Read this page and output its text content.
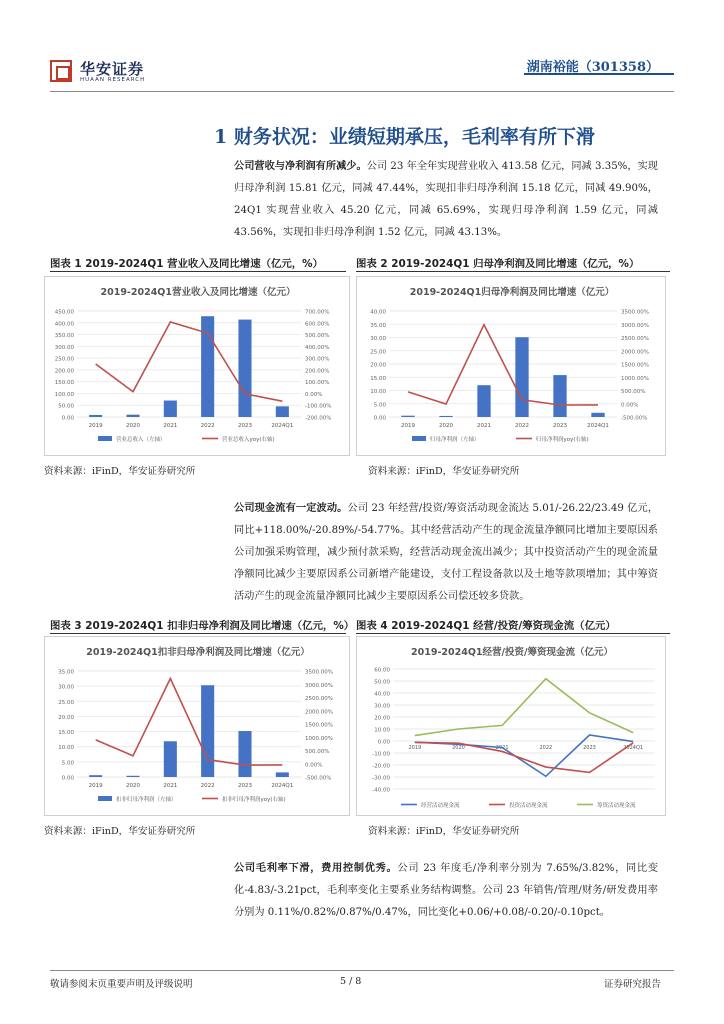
华安证券
HUAAN RESEARCH
湖南裕能（301358）
1 财务状况：业绩短期承压，毛利率有所下滑
公司营收与净利润有所减少。公司 23 年全年实现营业收入 413.58 亿元，同减 3.35%，实现归母净利润 15.81 亿元，同减 47.44%，实现扣非归母净利润 15.18 亿元，同减 49.90%，24Q1 实现营业收入 45.20 亿元，同减 65.69%，实现归母净利润 1.59 亿元，同减 43.56%，实现扣非归母净利润 1.52 亿元，同减 43.13%。
图表 1 2019-2024Q1 营业收入及同比增速（亿元，%）	图表 2 2019-2024Q1 归母净利润及同比增速（亿元，%）
2019-2024Q1营业收入及同比增速（亿元）
0.00
50.00
100.00
150.00
200.00
250.00
300.00
350.00
400.00
450.00
-200.00%
-100.00%
0.00%
100.00%
200.00%
300.00%
400.00%
500.00%
600.00%
700.00%
2019	2020	2021	2022	2023	2024Q1
营业总收入（左轴）	营业总收入yoy(右轴)
2019-2024Q1归母净利润及同比增速（亿元）
0.00
5.00
10.00
15.00
20.00
25.00
30.00
35.00
40.00
-500.00%
0.00%
500.00%
1000.00%
1500.00%
2000.00%
2500.00%
3000.00%
3500.00%
2019	2020	2021	2022	2023	2024Q1
归母净利润（左轴）	归母净利润yoy(右轴)
资料来源：iFinD，华安证券研究所	资料来源：iFinD，华安证券研究所
公司现金流有一定波动。公司 23 年经营/投资/筹资活动现金流达 5.01/-26.22/23.49 亿元，同比+118.00%/-20.89%/-54.77%。其中经营活动产生的现金流量净额同比增加主要原因系公司加强采购管理，减少预付款采购，经营活动现金流出减少；其中投资活动产生的现金流量净额同比减少主要原因系公司新增产能建设，支付工程设备款以及土地等款项增加；其中筹资活动产生的现金流量净额同比减少主要原因系公司偿还较多贷款。
图表 3 2019-2024Q1 扣非归母净利润及同比增速（亿元，%） 图表 4 2019-2024Q1 经营/投资/筹资现金流（亿元）
2019-2024Q1扣非归母净利润及同比增速（亿元）
0.00
5.00
10.00
15.00
20.00
25.00
30.00
35.00
-500.00%
0.00%
500.00%
1000.00%
1500.00%
2000.00%
2500.00%
3000.00%
3500.00%
2019	2020	2021	2022	2023	2024Q1
扣非归母净利润（左轴）	扣非归母净利润yoy(右轴)
2019-2024Q1经营/投资/筹资现金流（亿元）
-40.00
-30.00
-20.00
-10.00
0.00
10.00
20.00
30.00
40.00
50.00
60.00
2019	2020	2021	2022	2023	2024Q1
经营活动现金流	投资活动现金流	筹资活动现金流
资料来源：iFinD，华安证券研究所	资料来源：iFinD，华安证券研究所
公司毛利率下滑，费用控制优秀。公司 23 年度毛/净利率分别为 7.65%/3.82%，同比变化-4.83/-3.21pct，毛利率变化主要系业务结构调整。公司 23 年销售/管理/财务/研发费用率分别为 0.11%/0.82%/0.87%/0.47%，同比变化+0.06/+0.08/-0.20/-0.10pct。
敬请参阅末页重要声明及评级说明	5 / 8	证券研究报告
